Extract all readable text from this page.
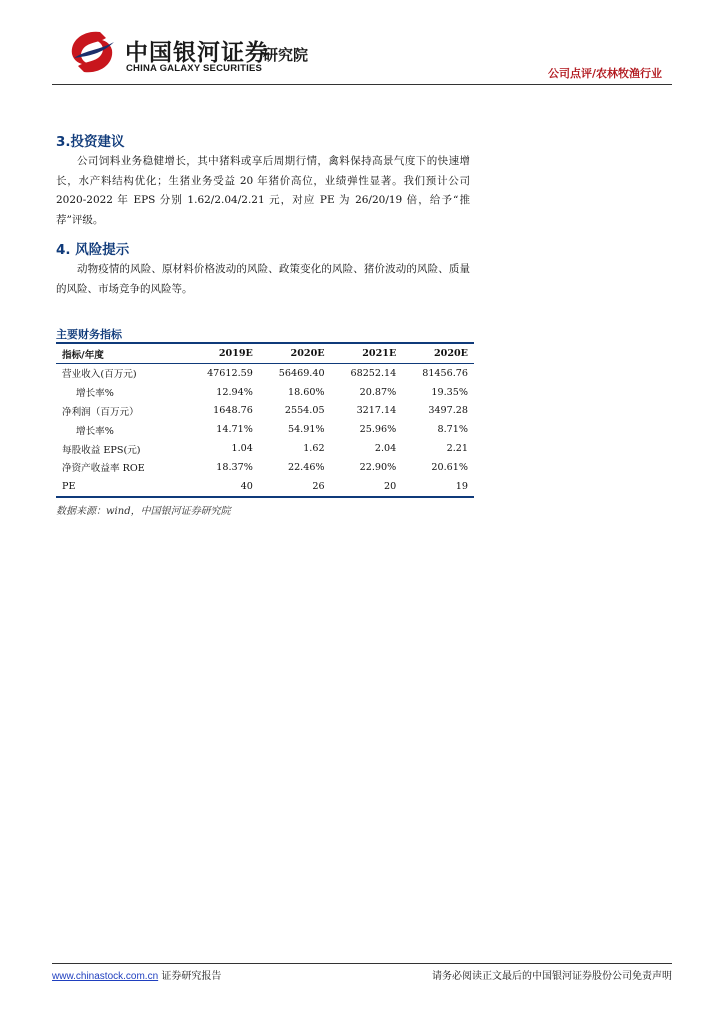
中国银河证券
CHINA GALAXY SECURITIES
研究院
公司点评/农林牧渔行业
3.投资建议

公司饲料业务稳健增长，其中猪料或享后周期行情，禽料保持高景气度下的快速增长，水产料结构优化；生猪业务受益 20 年猪价高位，业绩弹性显著。我们预计公司 2020-2022 年 EPS 分别 1.62/2.04/2.21 元，对应 PE 为 26/20/19 倍，给予“推荐”评级。

4. 风险提示

动物疫情的风险、原材料价格波动的风险、政策变化的风险、猪价波动的风险、质量的风险、市场竞争的风险等。

主要财务指标
指标/年度	2019E	2020E	2021E	2020E
营业收入(百万元)	47612.59	56469.40	68252.14	81456.76
增长率%	12.94%	18.60%	20.87%	19.35%
净利润（百万元）	1648.76	2554.05	3217.14	3497.28
增长率%	14.71%	54.91%	25.96%	8.71%
每股收益 EPS(元)	1.04	1.62	2.04	2.21
净资产收益率 ROE	18.37%	22.46%	22.90%	20.61%
PE	40	26	20	19
数据来源：wind，中国银河证券研究院
www.chinastock.com.cn 证券研究报告	请务必阅读正文最后的中国银河证券股份公司免责声明
